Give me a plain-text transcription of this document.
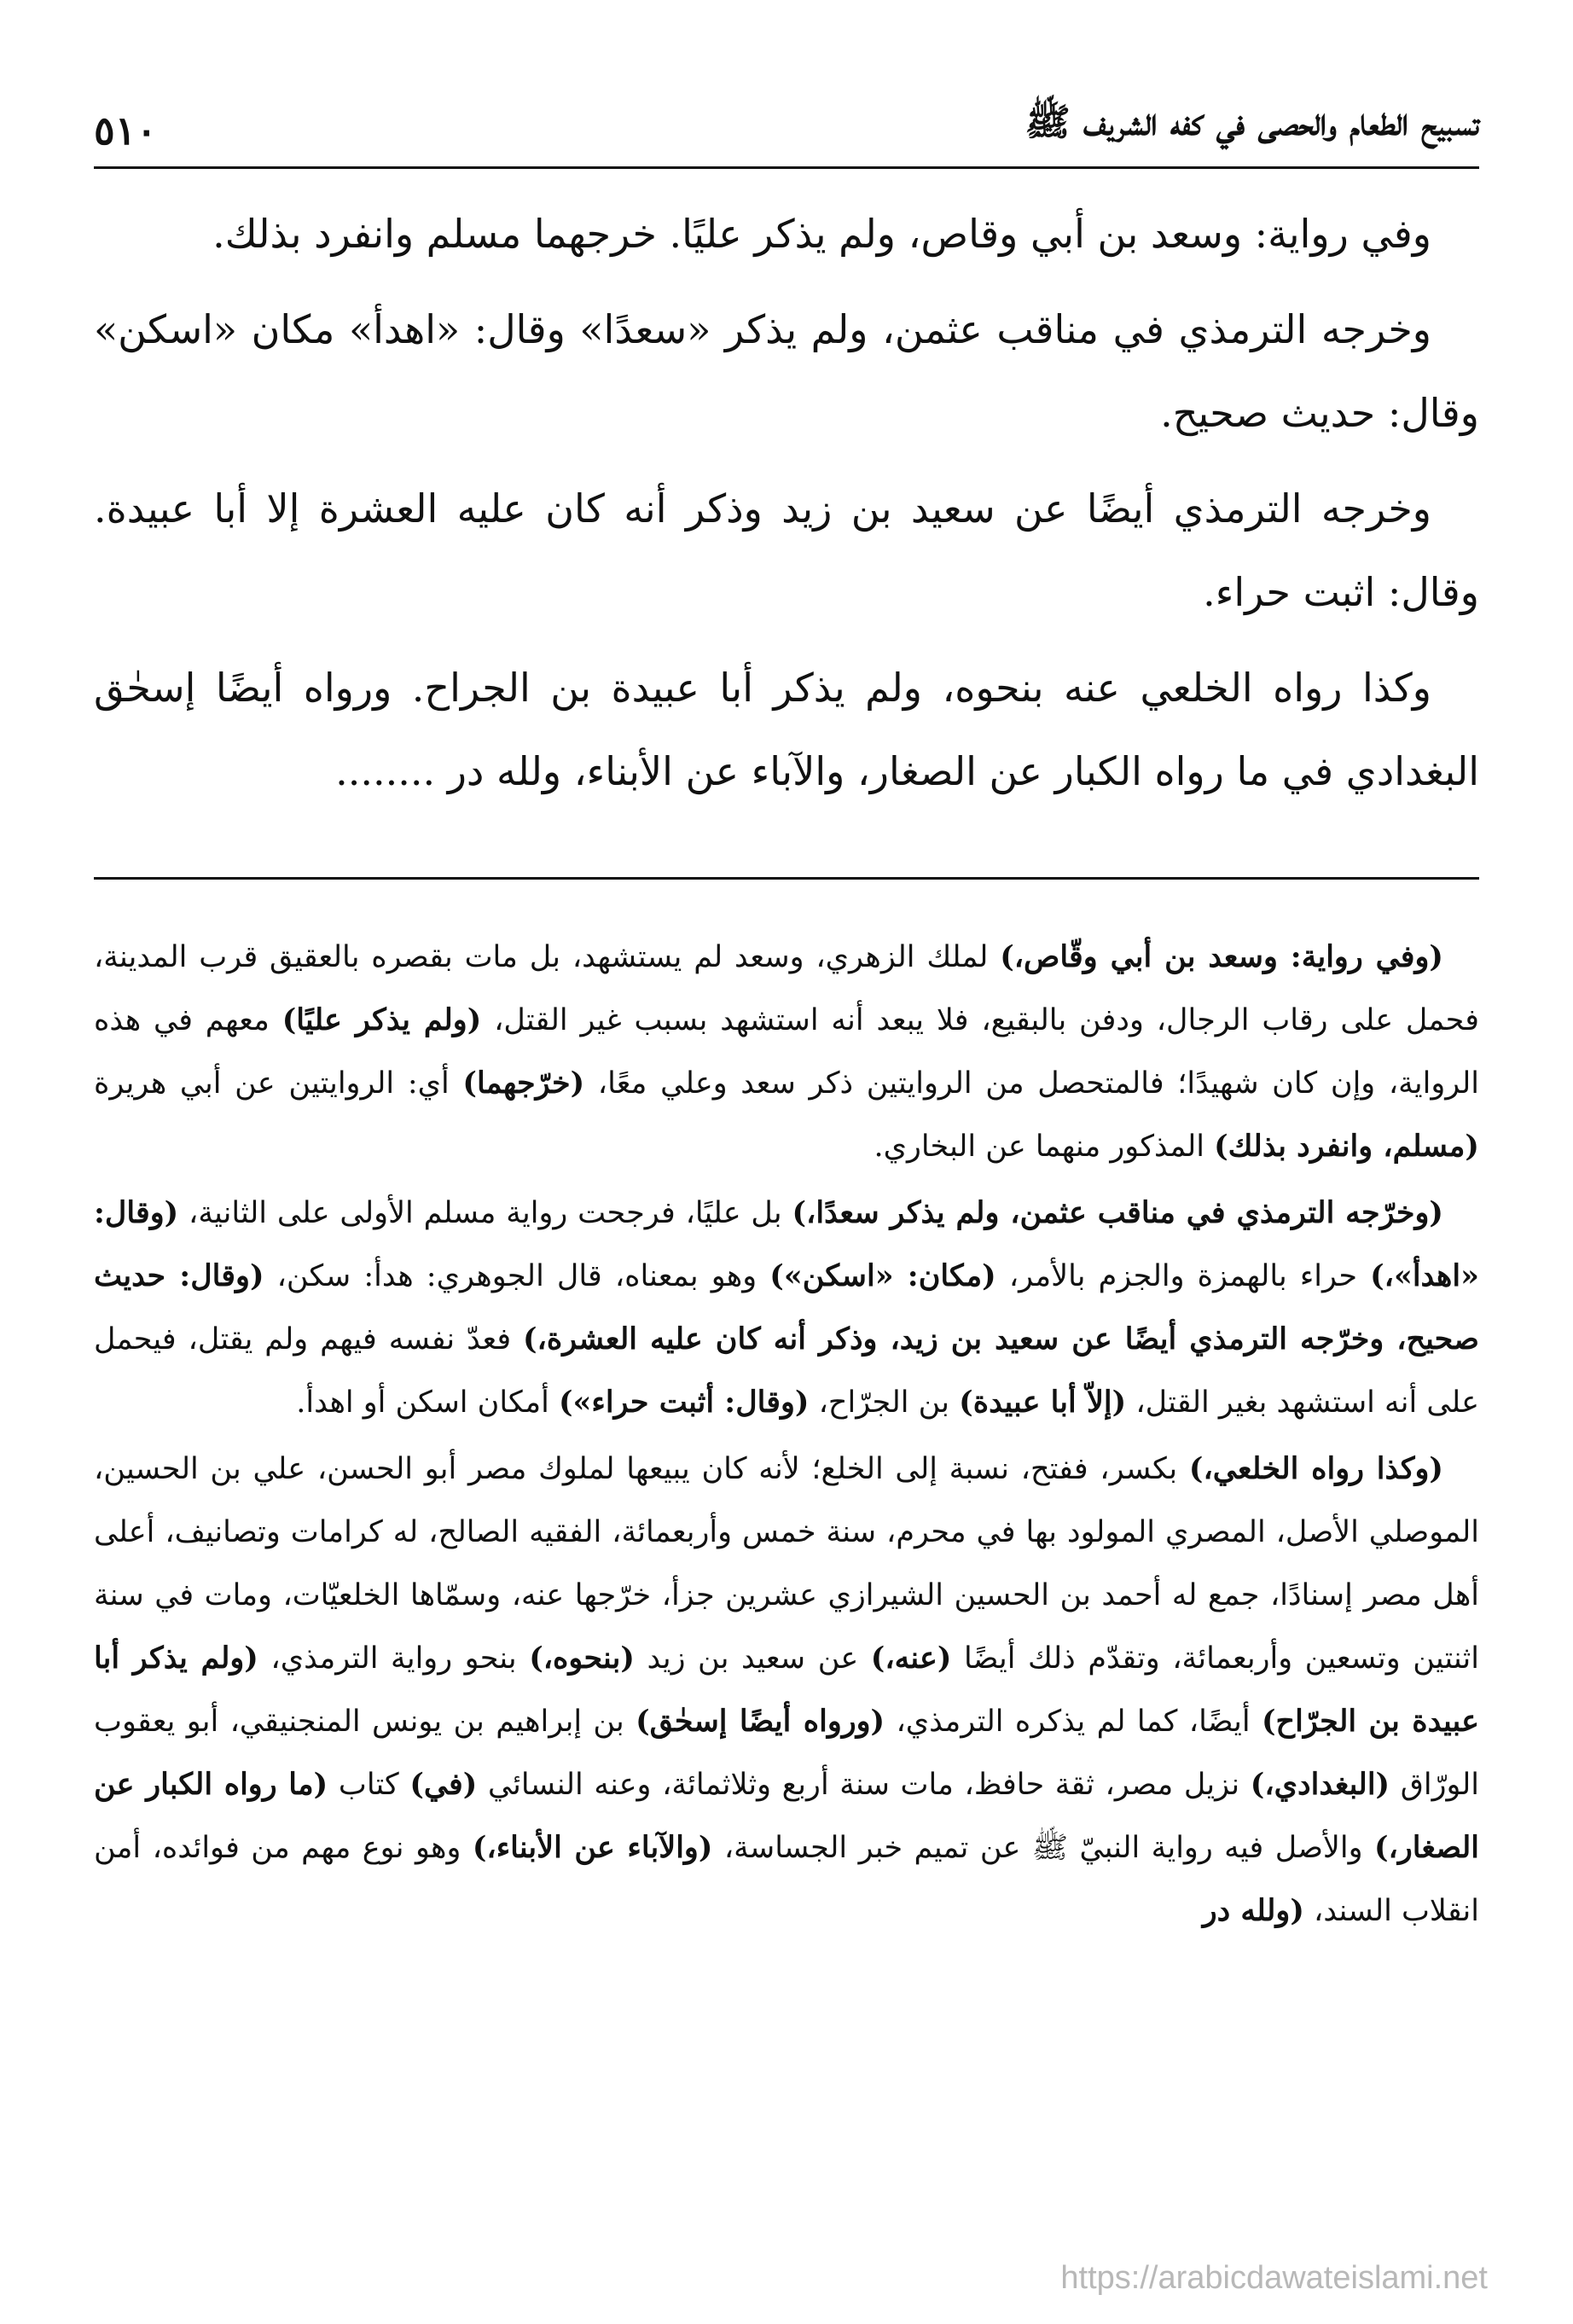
تسبيح الطعام والحصى في كفه الشريف ﷺ
٥١٠

وفي رواية: وسعد بن أبي وقاص، ولم يذكر عليًا. خرجهما مسلم وانفرد بذلك.

وخرجه الترمذي في مناقب عثمن، ولم يذكر «سعدًا» وقال: «اهدأ» مكان «اسكن» وقال: حديث صحيح.

وخرجه الترمذي أيضًا عن سعيد بن زيد وذكر أنه كان عليه العشرة إلا أبا عبيدة. وقال: اثبت حراء.

وكذا رواه الخلعي عنه بنحوه، ولم يذكر أبا عبيدة بن الجراح. ورواه أيضًا إسحٰق البغدادي في ما رواه الكبار عن الصغار، والآباء عن الأبناء، ولله در ........

(وفي رواية: وسعد بن أبي وقّاص،) لملك الزهري، وسعد لم يستشهد، بل مات بقصره بالعقيق قرب المدينة، فحمل على رقاب الرجال، ودفن بالبقيع، فلا يبعد أنه استشهد بسبب غير القتل، (ولم يذكر عليًا) معهم في هذه الرواية، وإن كان شهيدًا؛ فالمتحصل من الروايتين ذكر سعد وعلي معًا، (خرّجهما) أي: الروايتين عن أبي هريرة (مسلم، وانفرد بذلك) المذكور منهما عن البخاري.

(وخرّجه الترمذي في مناقب عثمن، ولم يذكر سعدًا،) بل عليًا، فرجحت رواية مسلم الأولى على الثانية، (وقال: «اهدأ»،) حراء بالهمزة والجزم بالأمر، (مكان: «اسكن») وهو بمعناه، قال الجوهري: هدأ: سكن، (وقال: حديث صحيح، وخرّجه الترمذي أيضًا عن سعيد بن زيد، وذكر أنه كان عليه العشرة،) فعدّ نفسه فيهم ولم يقتل، فيحمل على أنه استشهد بغير القتل، (إلاّ أبا عبيدة) بن الجرّاح، (وقال: أثبت حراء») أمكان اسكن أو اهدأ.

(وكذا رواه الخلعي،) بكسر، ففتح، نسبة إلى الخلع؛ لأنه كان يبيعها لملوك مصر أبو الحسن، علي بن الحسين، الموصلي الأصل، المصري المولود بها في محرم، سنة خمس وأربعمائة، الفقيه الصالح، له كرامات وتصانيف، أعلى أهل مصر إسنادًا، جمع له أحمد بن الحسين الشيرازي عشرين جزأ، خرّجها عنه، وسمّاها الخلعيّات، ومات في سنة اثنتين وتسعين وأربعمائة، وتقدّم ذلك أيضًا (عنه،) عن سعيد بن زيد (بنحوه،) بنحو رواية الترمذي، (ولم يذكر أبا عبيدة بن الجرّاح) أيضًا، كما لم يذكره الترمذي، (ورواه أيضًا إسحٰق) بن إبراهيم بن يونس المنجنيقي، أبو يعقوب الورّاق (البغدادي،) نزيل مصر، ثقة حافظ، مات سنة أربع وثلاثمائة، وعنه النسائي (في) كتاب (ما رواه الكبار عن الصغار،) والأصل فيه رواية النبيّ ﷺ عن تميم خبر الجساسة، (والآباء عن الأبناء،) وهو نوع مهم من فوائده، أمن انقلاب السند، (ولله در

https://arabicdawateislami.net
